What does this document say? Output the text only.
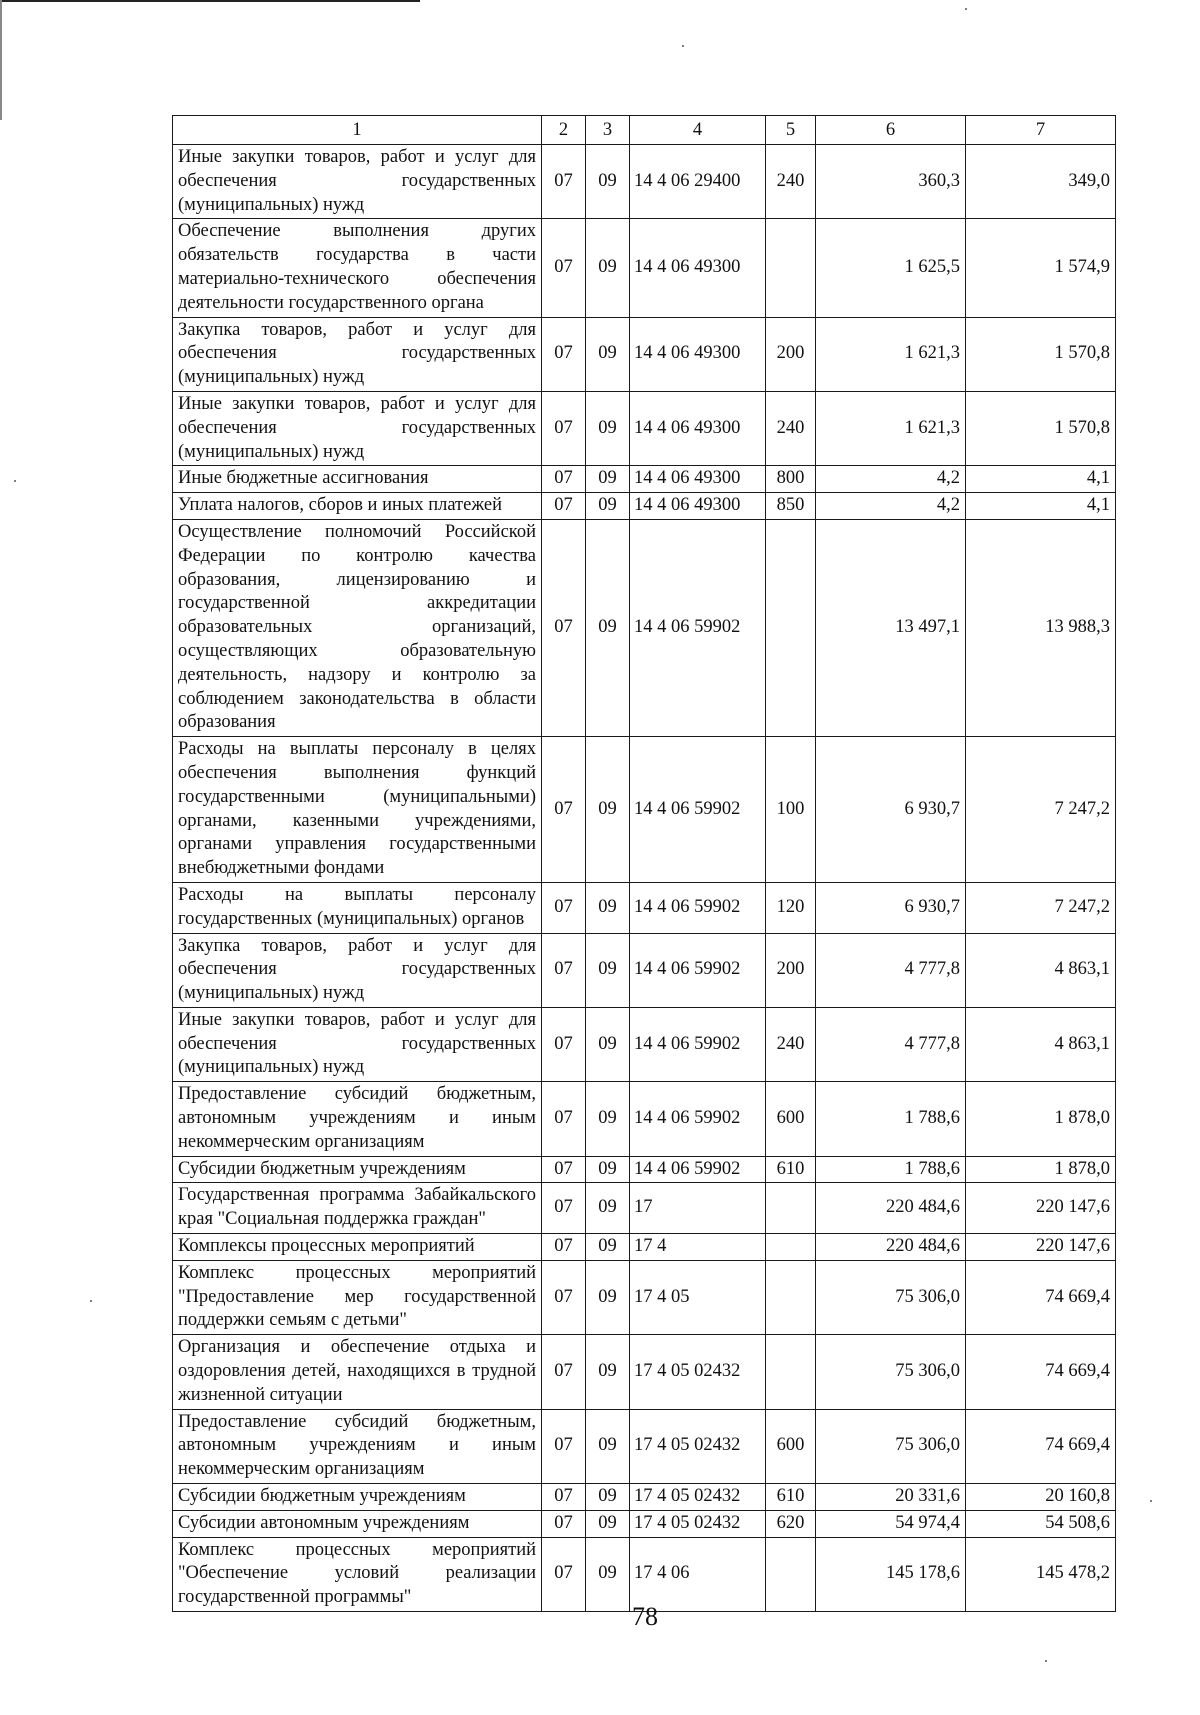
1	2	3	4	5	6	7
Иные закупки товаров, работ и услуг для обеспечения государственных (муниципальных) нужд	07	09	14 4 06 29400	240	360,3	349,0
Обеспечение выполнения других обязательств государства в части материально-технического обеспечения деятельности государственного органа	07	09	14 4 06 49300		1 625,5	1 574,9
Закупка товаров, работ и услуг для обеспечения государственных (муниципальных) нужд	07	09	14 4 06 49300	200	1 621,3	1 570,8
Иные закупки товаров, работ и услуг для обеспечения государственных (муниципальных) нужд	07	09	14 4 06 49300	240	1 621,3	1 570,8
Иные бюджетные ассигнования	07	09	14 4 06 49300	800	4,2	4,1
Уплата налогов, сборов и иных платежей	07	09	14 4 06 49300	850	4,2	4,1
Осуществление полномочий Российской Федерации по контролю качества образования, лицензированию и государственной аккредитации образовательных организаций, осуществляющих образовательную деятельность, надзору и контролю за соблюдением законодательства в области образования	07	09	14 4 06 59902		13 497,1	13 988,3
Расходы на выплаты персоналу в целях обеспечения выполнения функций государственными (муниципальными) органами, казенными учреждениями, органами управления государственными внебюджетными фондами	07	09	14 4 06 59902	100	6 930,7	7 247,2
Расходы на выплаты персоналу государственных (муниципальных) органов	07	09	14 4 06 59902	120	6 930,7	7 247,2
Закупка товаров, работ и услуг для обеспечения государственных (муниципальных) нужд	07	09	14 4 06 59902	200	4 777,8	4 863,1
Иные закупки товаров, работ и услуг для обеспечения государственных (муниципальных) нужд	07	09	14 4 06 59902	240	4 777,8	4 863,1
Предоставление субсидий бюджетным, автономным учреждениям и иным некоммерческим организациям	07	09	14 4 06 59902	600	1 788,6	1 878,0
Субсидии бюджетным учреждениям	07	09	14 4 06 59902	610	1 788,6	1 878,0
Государственная программа Забайкальского края "Социальная поддержка граждан"	07	09	17		220 484,6	220 147,6
Комплексы процессных мероприятий	07	09	17 4		220 484,6	220 147,6
Комплекс процессных мероприятий "Предоставление мер государственной поддержки семьям с детьми"	07	09	17 4 05		75 306,0	74 669,4
Организация и обеспечение отдыха и оздоровления детей, находящихся в трудной жизненной ситуации	07	09	17 4 05 02432		75 306,0	74 669,4
Предоставление субсидий бюджетным, автономным учреждениям и иным некоммерческим организациям	07	09	17 4 05 02432	600	75 306,0	74 669,4
Субсидии бюджетным учреждениям	07	09	17 4 05 02432	610	20 331,6	20 160,8
Субсидии автономным учреждениям	07	09	17 4 05 02432	620	54 974,4	54 508,6
Комплекс процессных мероприятий "Обеспечение условий реализации государственной программы"	07	09	17 4 06		145 178,6	145 478,2
78
